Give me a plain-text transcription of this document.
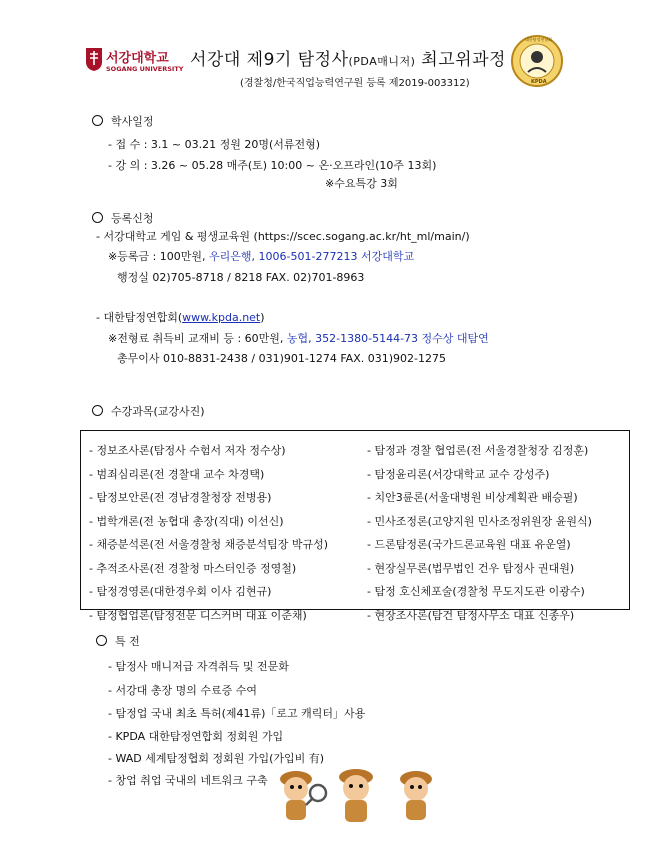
서강대학교
SOGANG UNIVERSITY 서강대 제9기 탐정사(PDA매니저) 최고위과정
(경찰청/한국직업능력연구원 등록 제2019-003312)
대한탐정연합회
KPDA
학사일정
- 접 수 : 3.1 ~ 03.21 정원 20명(서류전형)
- 강 의 : 3.26 ~ 05.28 매주(토) 10:00 ~ 온·오프라인(10주 13회)
※수요특강 3회
등록신청
- 서강대학교 게임 & 평생교육원 (https://scec.sogang.ac.kr/ht_ml/main/)
※등록금 : 100만원, 우리은행, 1006-501-277213 서강대학교
행정실 02)705-8718 / 8218 FAX. 02)701-8963
- 대한탐정연합회(www.kpda.net)
※전형료 취득비 교재비 등 : 60만원, 농협, 352-1380-5144-73 정수상 대탐연
총무이사 010-8831-2438 / 031)901-1274 FAX. 031)902-1275
수강과목(교강사진)
- 정보조사론(탐정사 수험서 저자 정수상)
- 범죄심리론(전 경찰대 교수 차경택)
- 탐정보안론(전 경남경찰청장 전병용)
- 법학개론(전 농협대 총장(직대) 이선신)
- 채증분석론(전 서울경찰청 채증분석팀장 박규성)
- 추적조사론(전 경찰청 마스터인증 정영철)
- 탐정경영론(대한경우회 이사 김현규)
- 탐정협업론(탐정전문 디스커버 대표 이준채)
- 탐정과 경찰 협업론(전 서울경찰청장 김정훈)
- 탐정윤리론(서강대학교 교수 강성주)
- 치안3륜론(서울대병원 비상계획관 배승필)
- 민사조정론(고양지원 민사조정위원장 윤원식)
- 드론탐정론(국가드론교육원 대표 유운열)
- 현장실무론(법무법인 건우 탐정사 권대원)
- 탐정 호신체포술(경찰청 무도지도관 이광수)
- 현장조사론(탐건 탐정사무소 대표 신종우)
특 전
- 탐정사 매니저급 자격취득 및 전문화
- 서강대 총장 명의 수료증 수여
- 탐정업 국내 최초 특허(제41류)「로고 캐릭터」사용
- KPDA 대한탐정연합회 정회원 가입
- WAD 세계탐정협회 정회원 가입(가입비 有)
- 창업 취업 국내의 네트워크 구축
